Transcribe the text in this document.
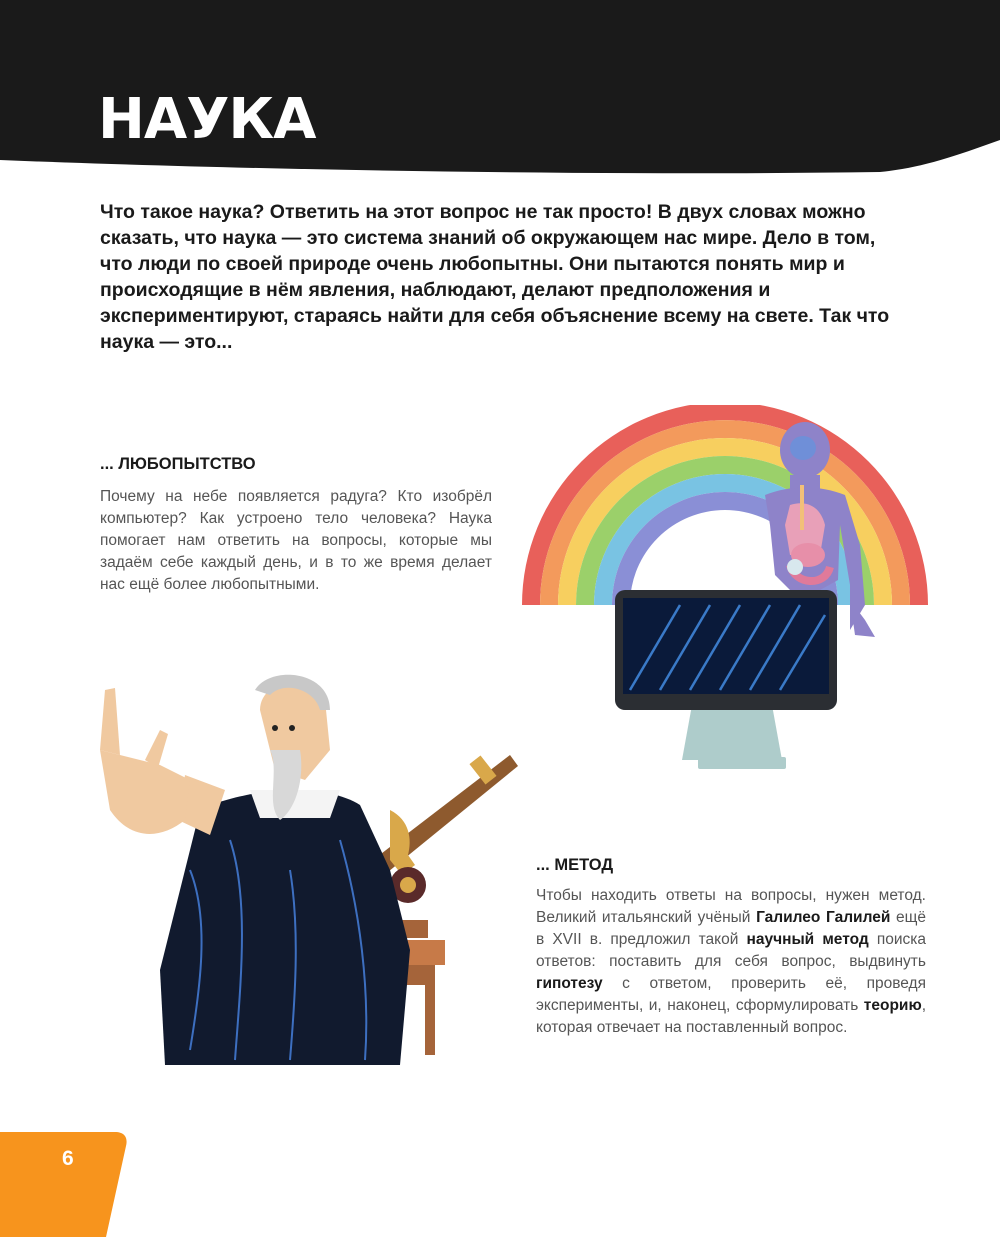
НАУКА

Что такое наука? Ответить на этот вопрос не так просто! В двух словах можно сказать, что наука — это система знаний об окружающем нас мире. Дело в том, что люди по своей природе очень любопытны. Они пытаются понять мир и происходящие в нём явления, наблюдают, делают предположения и экспериментируют, стараясь найти для себя объяснение всему на свете. Так что наука — это...

... ЛЮБОПЫТСТВО

Почему на небе появляется радуга? Кто изобрёл компьютер? Как устроено тело человека? Наука помогает нам ответить на вопросы, которые мы задаём себе каждый день, и в то же время делает нас ещё более любопытными.

... МЕТОД

Чтобы находить ответы на вопросы, нужен метод. Великий итальянский учёный Галилео Галилей ещё в XVII в. предложил такой научный метод поиска ответов: поставить для себя вопрос, выдвинуть гипотезу с ответом, проверить её, проведя эксперименты, и, наконец, сформулировать теорию, которая отвечает на поставленный вопрос.

6
